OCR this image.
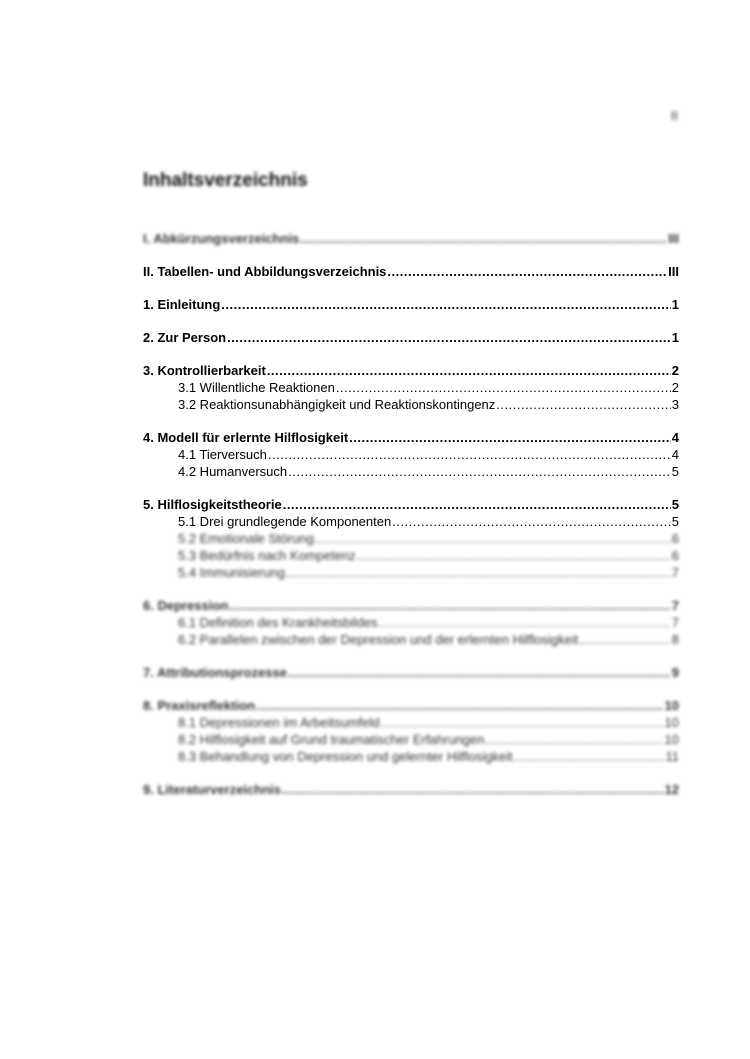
II
Inhaltsverzeichnis
I. Abkürzungsverzeichnis .....	III
II. Tabellen- und Abbildungsverzeichnis .....	III
1. Einleitung .....	1
2. Zur Person .....	1
3. Kontrollierbarkeit .....	2
3.1 Willentliche Reaktionen .....	2
3.2 Reaktionsunabhängigkeit und Reaktionskontingenz .....	3
4. Modell für erlernte Hilflosigkeit .....	4
4.1 Tierversuch .....	4
4.2 Humanversuch .....	5
5. Hilflosigkeitstheorie .....	5
5.1 Drei grundlegende Komponenten .....	5
5.2 Emotionale Störung .....	6
5.3 Bedürfnis nach Kompetenz .....	6
5.4 Immunisierung .....	7
6. Depression .....	7
6.1 Definition des Krankheitsbildes .....	7
6.2 Parallelen zwischen der Depression und der erlernten Hilflosigkeit .....	8
7. Attributionsprozesse .....	9
8. Praxisreflektion .....	10
8.1 Depressionen im Arbeitsumfeld .....	10
8.2 Hilflosigkeit auf Grund traumatischer Erfahrungen .....	10
8.3 Behandlung von Depression und gelernter Hilflosigkeit .....	11
9. Literaturverzeichnis .....	12
